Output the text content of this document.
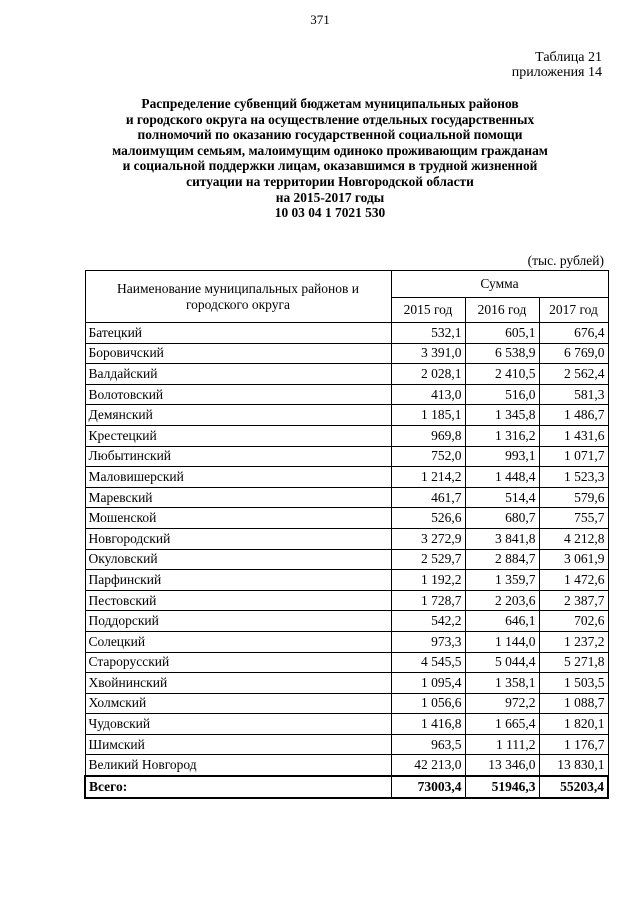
371
Таблица 21
приложения 14
Распределение субвенций бюджетам муниципальных районов
и городского округа на осуществление отдельных государственных
полномочий по оказанию государственной социальной помощи
малоимущим семьям, малоимущим одиноко проживающим гражданам
и социальной поддержки лицам, оказавшимся в трудной жизненной
ситуации на территории Новгородской области
на 2015-2017 годы
10 03 04 1 7021 530
(тыс. рублей)
Наименование муниципальных районов и городского округа	Сумма		
	2015 год	2016 год	2017 год
Батецкий	532,1	605,1	676,4
Боровичский	3 391,0	6 538,9	6 769,0
Валдайский	2 028,1	2 410,5	2 562,4
Волотовский	413,0	516,0	581,3
Демянский	1 185,1	1 345,8	1 486,7
Крестецкий	969,8	1 316,2	1 431,6
Любытинский	752,0	993,1	1 071,7
Маловишерский	1 214,2	1 448,4	1 523,3
Маревский	461,7	514,4	579,6
Мошенской	526,6	680,7	755,7
Новгородский	3 272,9	3 841,8	4 212,8
Окуловский	2 529,7	2 884,7	3 061,9
Парфинский	1 192,2	1 359,7	1 472,6
Пестовский	1 728,7	2 203,6	2 387,7
Поддорский	542,2	646,1	702,6
Солецкий	973,3	1 144,0	1 237,2
Старорусский	4 545,5	5 044,4	5 271,8
Хвойнинский	1 095,4	1 358,1	1 503,5
Холмский	1 056,6	972,2	1 088,7
Чудовский	1 416,8	1 665,4	1 820,1
Шимский	963,5	1 111,2	1 176,7
Великий Новгород	42 213,0	13 346,0	13 830,1
Всего:	73003,4	51946,3	55203,4
